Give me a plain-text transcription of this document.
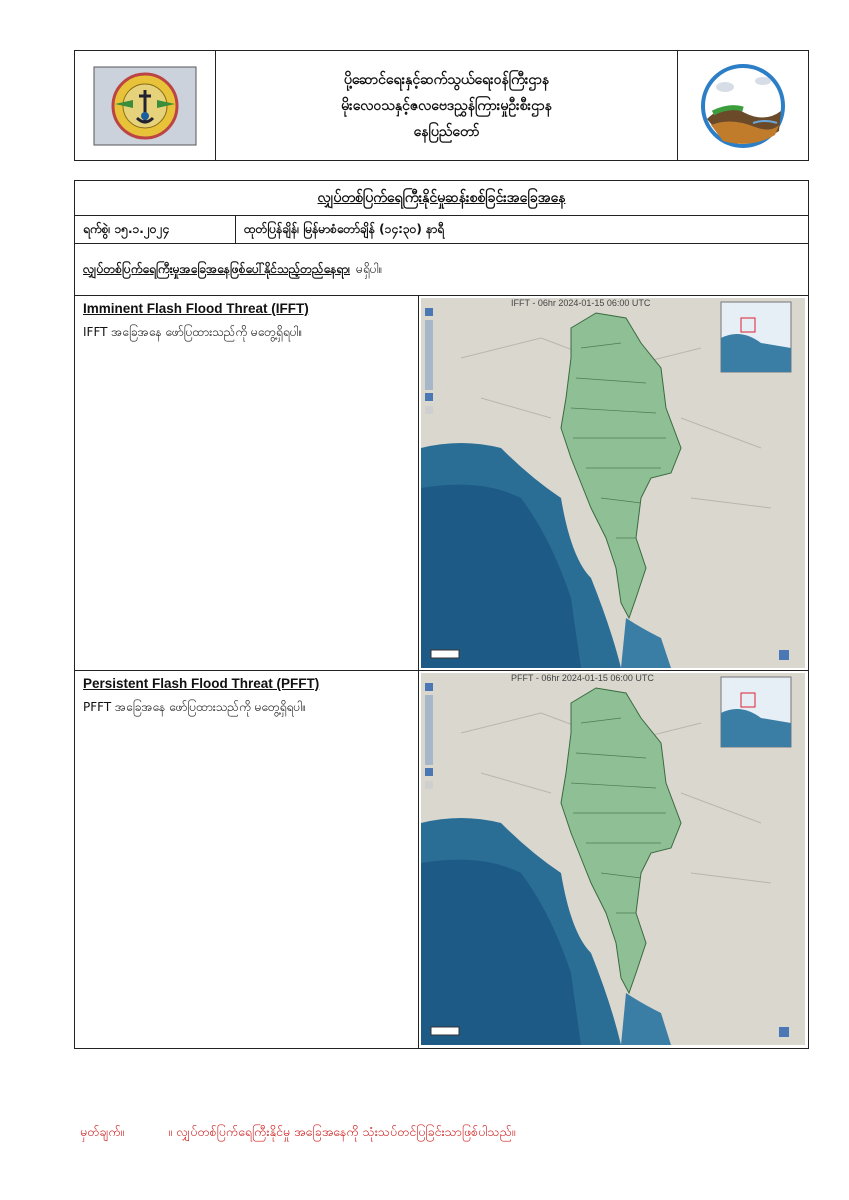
ပို့ဆောင်ရေးနှင့်ဆက်သွယ်ရေးဝန်ကြီးဌာန
မိုးလေဝသနှင့်ဇလဗေဒညွှန်ကြားမှုဦးစီးဌာန
နေပြည်တော်
လျှပ်တစ်ပြက်ရေကြီးနိုင်မှုဆန်းစစ်ခြင်းအခြေအနေ
ရက်စွဲ၊ ၁၅.၁.၂၀၂၄	ထုတ်ပြန်ချိန်၊ မြန်မာစံတော်ချိန် (၁၄:၃၀) နာရီ
လျှပ်တစ်ပြက်ရေကြီးမှုအခြေအနေဖြစ်ပေါ်နိုင်သည့်တည်နေရာ၊ မရှိပါ။
Imminent Flash Flood Threat (IFFT)
IFFT အခြေအနေ ဖော်ပြထားသည်ကို မတွေ့ရှိရပါ။
IFFT - 06hr 2024-01-15 06:00 UTC
Persistent Flash Flood Threat (PFFT)
PFFT အခြေအနေ ဖော်ပြထားသည်ကို မတွေ့ရှိရပါ။
PFFT - 06hr 2024-01-15 06:00 UTC
မှတ်ချက်။	။ လျှပ်တစ်ပြက်ရေကြီးနိုင်မှု အခြေအနေကို သုံးသပ်တင်ပြခြင်းသာဖြစ်ပါသည်။
